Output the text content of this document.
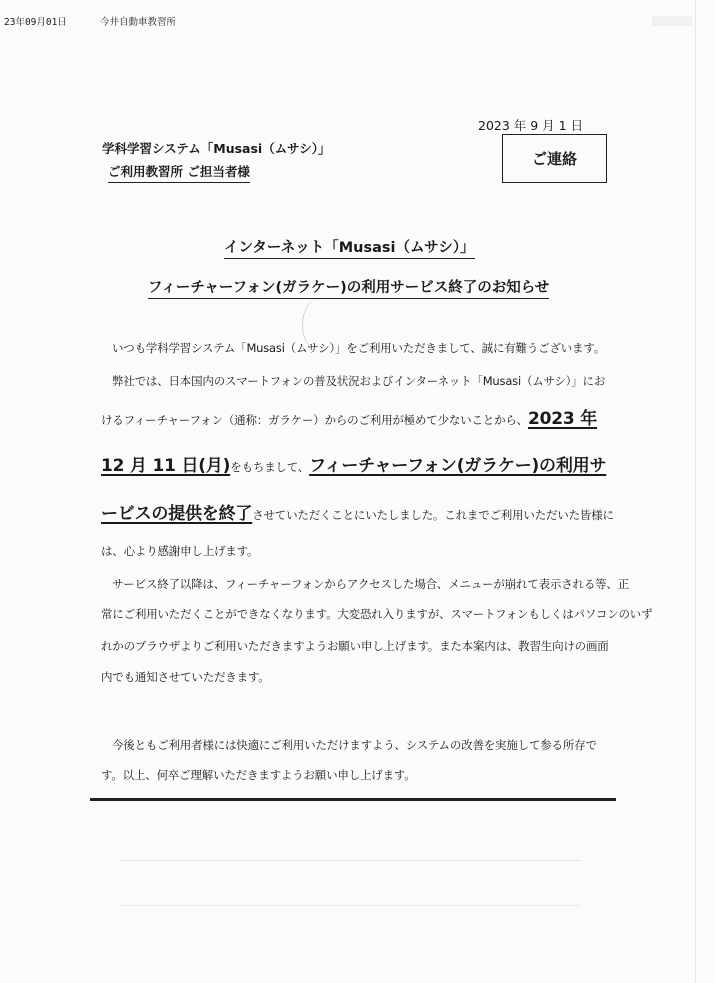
23年09月01日	今井自動車教習所
2023 年 9 月 1 日
ご連絡
学科学習システム「Musasi（ムサシ）」
ご利用教習所 ご担当者様
インターネット「Musasi（ムサシ）」
フィーチャーフォン(ガラケー)の利用サービス終了のお知らせ
いつも学科学習システム「Musasi（ムサシ）」をご利用いただきまして、誠に有難うございます。
弊社では、日本国内のスマートフォンの普及状況およびインターネット「Musasi（ムサシ）」にお
けるフィーチャーフォン（通称：ガラケー）からのご利用が極めて少ないことから、2023 年
12 月 11 日(月)をもちまして、フィーチャーフォン(ガラケー)の利用サ
ービスの提供を終了させていただくことにいたしました。これまでご利用いただいた皆様に
は、心より感謝申し上げます。
サービス終了以降は、フィーチャーフォンからアクセスした場合、メニューが崩れて表示される等、正
常にご利用いただくことができなくなります。大変恐れ入りますが、スマートフォンもしくはパソコンのいず
れかのブラウザよりご利用いただきますようお願い申し上げます。また本案内は、教習生向けの画面
内でも通知させていただきます。
今後ともご利用者様には快適にご利用いただけますよう、システムの改善を実施して参る所存で
す。以上、何卒ご理解いただきますようお願い申し上げます。
